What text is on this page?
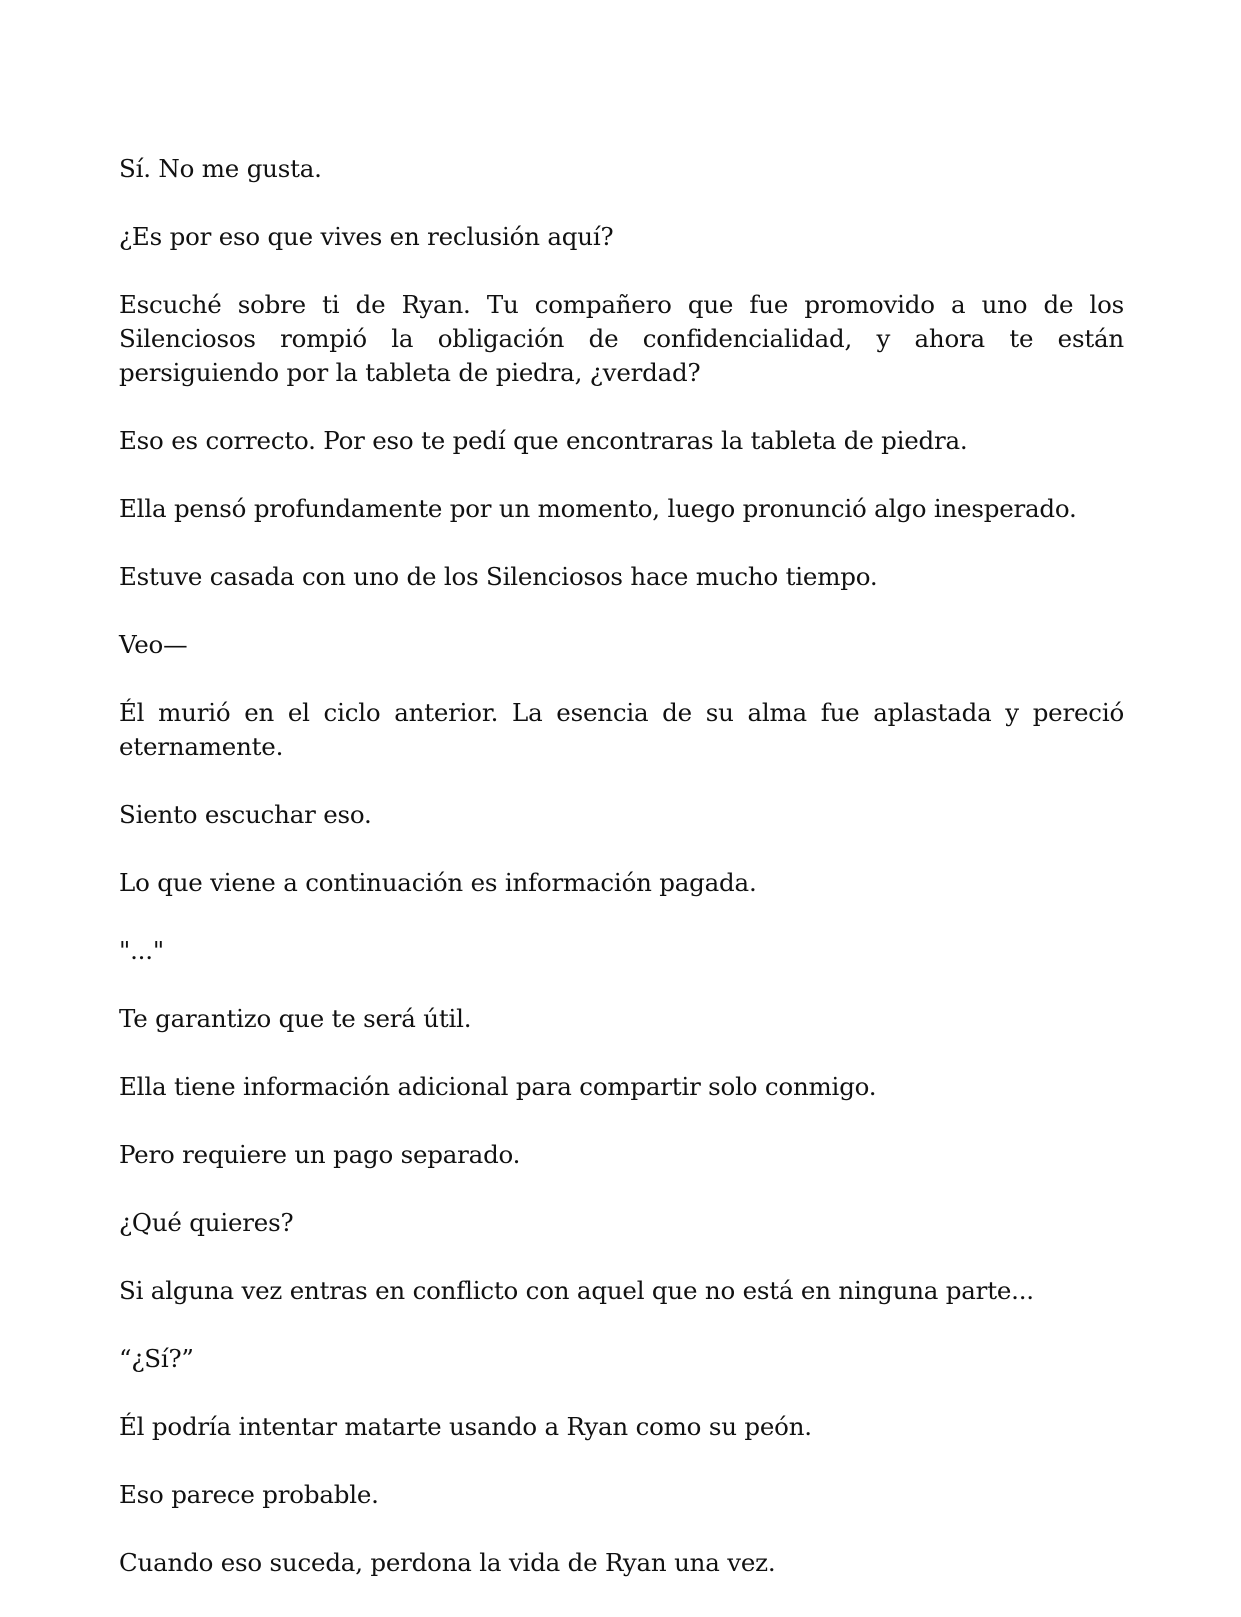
Sí. No me gusta.

¿Es por eso que vives en reclusión aquí?

Escuché sobre ti de Ryan. Tu compañero que fue promovido a uno de los Silenciosos rompió la obligación de confidencialidad, y ahora te están persiguiendo por la tableta de piedra, ¿verdad?

Eso es correcto. Por eso te pedí que encontraras la tableta de piedra.

Ella pensó profundamente por un momento, luego pronunció algo inesperado.

Estuve casada con uno de los Silenciosos hace mucho tiempo.

Veo—

Él murió en el ciclo anterior. La esencia de su alma fue aplastada y pereció eternamente.

Siento escuchar eso.

Lo que viene a continuación es información pagada.

"..."

Te garantizo que te será útil.

Ella tiene información adicional para compartir solo conmigo.

Pero requiere un pago separado.

¿Qué quieres?

Si alguna vez entras en conflicto con aquel que no está en ninguna parte...

“¿Sí?”

Él podría intentar matarte usando a Ryan como su peón.

Eso parece probable.

Cuando eso suceda, perdona la vida de Ryan una vez.
